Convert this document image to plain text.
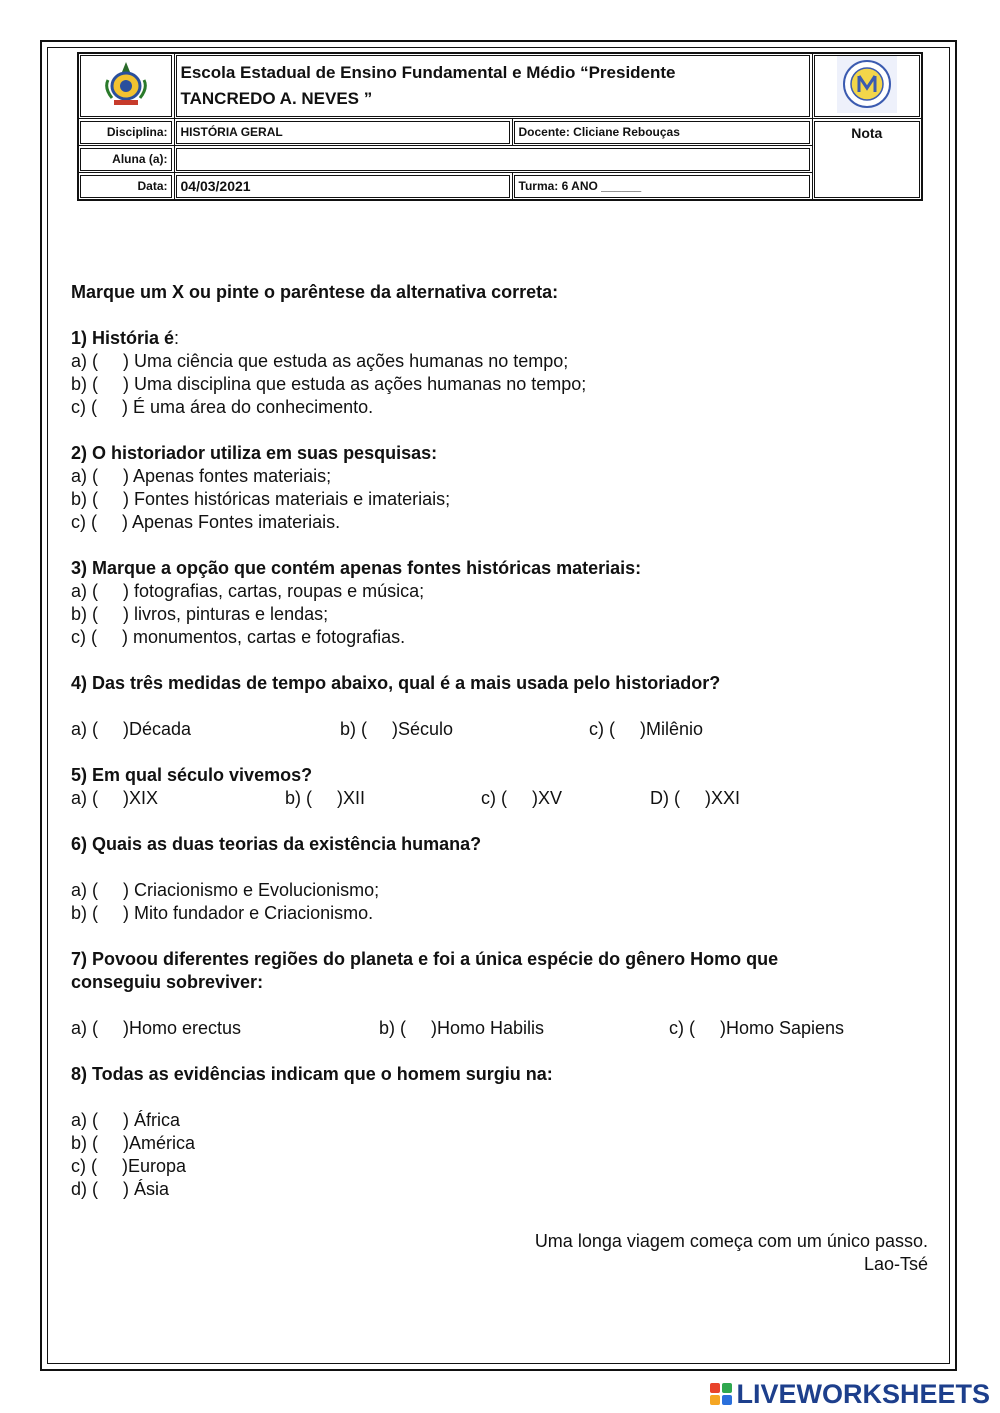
Escola Estadual de Ensino Fundamental e Médio “Presidente
TANCREDO A. NEVES ”

Disciplina:	HISTÓRIA GERAL	Docente: Cliciane Rebouças	Nota
Aluna (a):			
Data:	04/03/2021	Turma: 6 ANO ______	

Marque um X ou pinte o parêntese da alternativa correta:

1) História é:

a) (     ) Uma ciência que estuda as ações humanas no tempo;

b) (     ) Uma disciplina que estuda as ações humanas no tempo;

c) (     ) É uma área do conhecimento.

2) O historiador utiliza em suas pesquisas:

a) (     ) Apenas fontes materiais;

b) (     ) Fontes históricas materiais e imateriais;

c) (     ) Apenas Fontes imateriais.

3) Marque a opção que contém apenas fontes históricas materiais:

a) (     ) fotografias, cartas, roupas e música;

b) (     ) livros, pinturas e lendas;

c) (     ) monumentos, cartas e fotografias.

4) Das três medidas de tempo abaixo, qual é a mais usada pelo historiador?

a) (     )Década	b) (     )Século	c) (     )Milênio

5) Em qual século vivemos?

a) (     )XIX	b) (     )XII	c) (     )XV	D) (     )XXI

6) Quais as duas teorias da existência humana?

a) (     ) Criacionismo e Evolucionismo;

b) (     ) Mito fundador e Criacionismo.

7) Povoou diferentes regiões do planeta e foi a única espécie do gênero Homo que

conseguiu sobreviver:

a) (     )Homo erectus	b) (     )Homo Habilis	c) (     )Homo Sapiens

8) Todas as evidências indicam que o homem surgiu na:

a) (     ) África

b) (     )América

c) (     )Europa

d) (     ) Ásia

Uma longa viagem começa com um único passo.
Lao-Tsé
LIVEWORKSHEETS
